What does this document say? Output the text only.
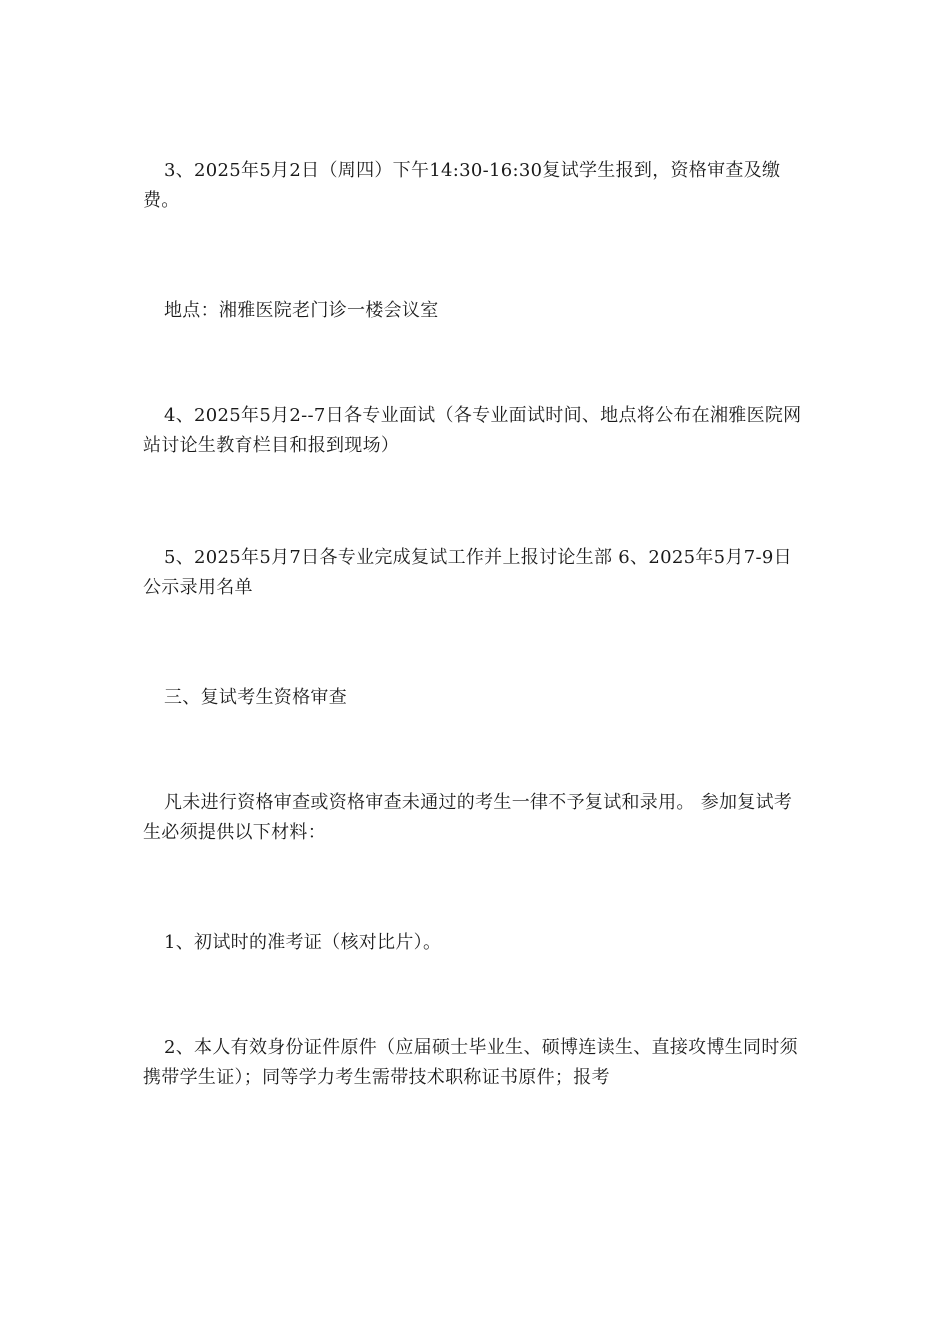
3、2025年5月2日（周四）下午14:30-16:30复试学生报到，资格审查及缴费。

地点：湘雅医院老门诊一楼会议室

4、2025年5月2--7日各专业面试（各专业面试时间、地点将公布在湘雅医院网站讨论生教育栏目和报到现场）

5、2025年5月7日各专业完成复试工作并上报讨论生部 6、2025年5月7-9日公示录用名单

三、复试考生资格审查

凡未进行资格审查或资格审查未通过的考生一律不予复试和录用。 参加复试考生必须提供以下材料：

1、初试时的准考证（核对比片）。

2、本人有效身份证件原件（应届硕士毕业生、硕博连读生、直接攻博生同时须携带学生证）；同等学力考生需带技术职称证书原件；报考
